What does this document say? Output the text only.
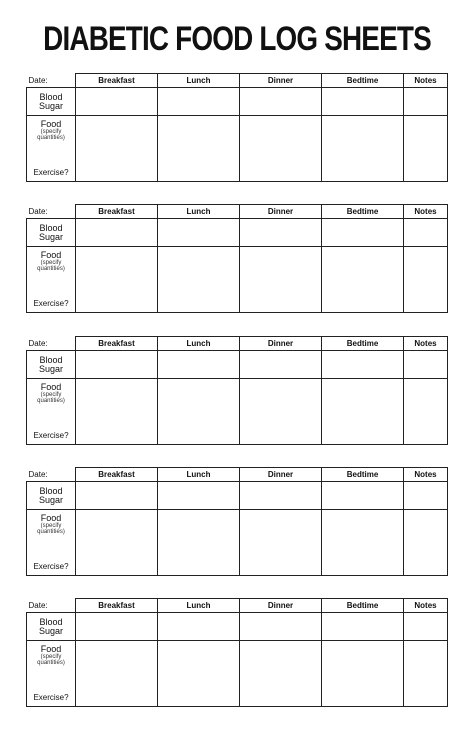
DIABETIC FOOD LOG SHEETS
Date:	Breakfast	Lunch	Dinner	Bedtime	Notes
Blood
Sugar					

Food
(specify quantities)
Exercise?					

Date:	Breakfast	Lunch	Dinner	Bedtime	Notes
Blood
Sugar					

Food
(specify quantities)
Exercise?					

Date:	Breakfast	Lunch	Dinner	Bedtime	Notes
Blood
Sugar					

Food
(specify quantities)
Exercise?					

Date:	Breakfast	Lunch	Dinner	Bedtime	Notes
Blood
Sugar					

Food
(specify quantities)
Exercise?					

Date:	Breakfast	Lunch	Dinner	Bedtime	Notes
Blood
Sugar					

Food
(specify quantities)
Exercise?					
